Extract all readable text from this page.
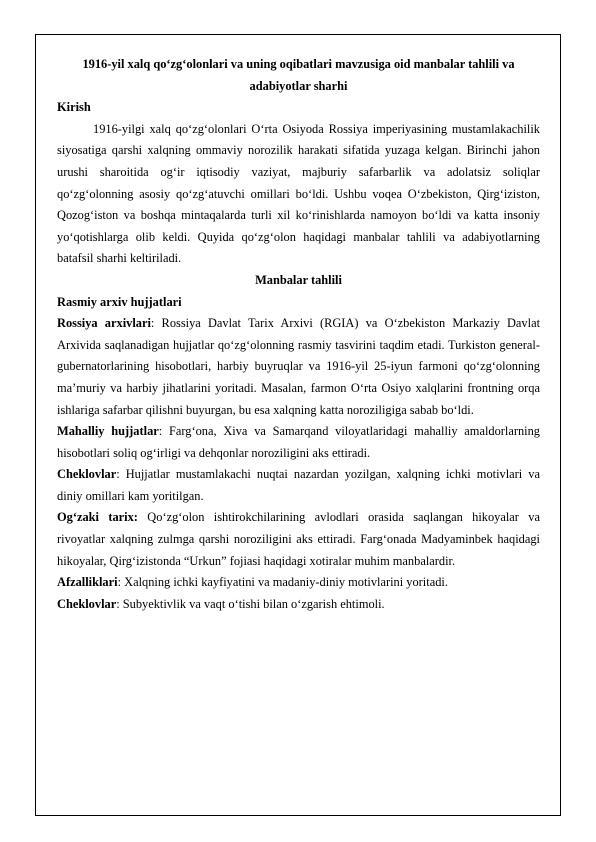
1916-yil xalq qo‘zg‘olonlari va uning oqibatlari mavzusiga oid manbalar tahlili va adabiyotlar sharhi

Kirish

1916-yilgi xalq qo‘zg‘olonlari O‘rta Osiyoda Rossiya imperiyasining mustamlakachilik siyosatiga qarshi xalqning ommaviy norozilik harakati sifatida yuzaga kelgan. Birinchi jahon urushi sharoitida og‘ir iqtisodiy vaziyat, majburiy safarbarlik va adolatsiz soliqlar qo‘zg‘olonning asosiy qo‘zg‘atuvchi omillari bo‘ldi. Ushbu voqea O‘zbekiston, Qirg‘iziston, Qozog‘iston va boshqa mintaqalarda turli xil ko‘rinishlarda namoyon bo‘ldi va katta insoniy yo‘qotishlarga olib keldi. Quyida qo‘zg‘olon haqidagi manbalar tahlili va adabiyotlarning batafsil sharhi keltiriladi.

Manbalar tahlili

Rasmiy arxiv hujjatlari

Rossiya arxivlari: Rossiya Davlat Tarix Arxivi (RGIA) va O‘zbekiston Markaziy Davlat Arxivida saqlanadigan hujjatlar qo‘zg‘olonning rasmiy tasvirini taqdim etadi. Turkiston general-gubernatorlarining hisobotlari, harbiy buyruqlar va 1916-yil 25-iyun farmoni qo‘zg‘olonning ma’muriy va harbiy jihatlarini yoritadi. Masalan, farmon O‘rta Osiyo xalqlarini frontning orqa ishlariga safarbar qilishni buyurgan, bu esa xalqning katta noroziligiga sabab bo‘ldi.

Mahalliy hujjatlar: Farg‘ona, Xiva va Samarqand viloyatlaridagi mahalliy amaldorlarning hisobotlari soliq og‘irligi va dehqonlar noroziligini aks ettiradi.

Cheklovlar: Hujjatlar mustamlakachi nuqtai nazardan yozilgan, xalqning ichki motivlari va diniy omillari kam yoritilgan.

Og‘zaki tarix: Qo‘zg‘olon ishtirokchilarining avlodlari orasida saqlangan hikoyalar va rivoyatlar xalqning zulmga qarshi noroziligini aks ettiradi. Farg‘onada Madyaminbek haqidagi hikoyalar, Qirg‘izistonda “Urkun” fojiasi haqidagi xotiralar muhim manbalardir.

Afzalliklari: Xalqning ichki kayfiyatini va madaniy-diniy motivlarini yoritadi.

Cheklovlar: Subyektivlik va vaqt o‘tishi bilan o‘zgarish ehtimoli.
